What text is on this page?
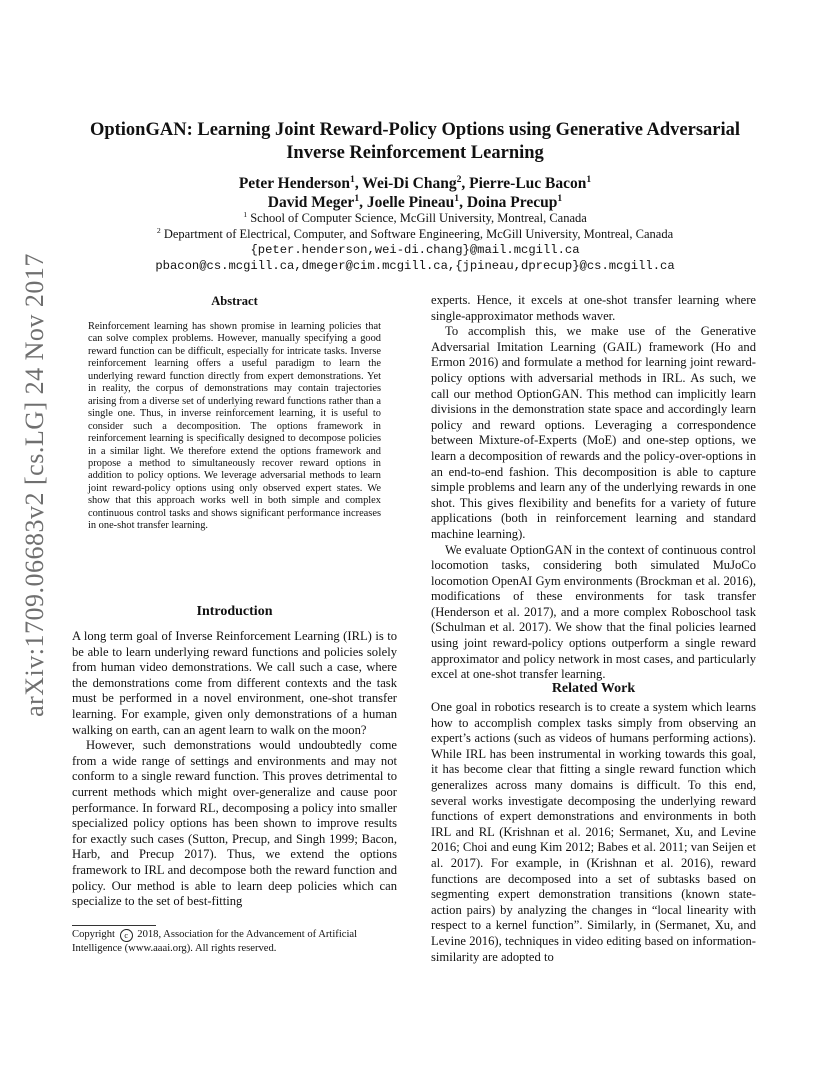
arXiv:1709.06683v2 [cs.LG] 24 Nov 2017
OptionGAN: Learning Joint Reward-Policy Options using Generative Adversarial
Inverse Reinforcement Learning
Peter Henderson$^1$, Wei-Di Chang$^2$, Pierre-Luc Bacon$^1$
David Meger$^1$, Joelle Pineau$^1$, Doina Precup$^1$
$^1$ School of Computer Science, McGill University, Montreal, Canada
$^2$ Department of Electrical, Computer, and Software Engineering, McGill University, Montreal, Canada
{peter.henderson,wei-di.chang}@mail.mcgill.ca
pbacon@cs.mcgill.ca,dmeger@cim.mcgill.ca,{jpineau,dprecup}@cs.mcgill.ca
Abstract
Reinforcement learning has shown promise in learning policies that can solve complex problems. However, manually specifying a good reward function can be difficult, especially for intricate tasks. Inverse reinforcement learning offers a useful paradigm to learn the underlying reward function directly from expert demonstrations. Yet in reality, the corpus of demonstrations may contain trajectories arising from a diverse set of underlying reward functions rather than a single one. Thus, in inverse reinforcement learning, it is useful to consider such a decomposition. The options framework in reinforcement learning is specifically designed to decompose policies in a similar light. We therefore extend the options framework and propose a method to simultaneously recover reward options in addition to policy options. We leverage adversarial methods to learn joint reward-policy options using only observed expert states. We show that this approach works well in both simple and complex continuous control tasks and shows significant performance increases in one-shot transfer learning.
Introduction

A long term goal of Inverse Reinforcement Learning (IRL) is to be able to learn underlying reward functions and policies solely from human video demonstrations. We call such a case, where the demonstrations come from different contexts and the task must be performed in a novel environment, one-shot transfer learning. For example, given only demonstrations of a human walking on earth, can an agent learn to walk on the moon?

However, such demonstrations would undoubtedly come from a wide range of settings and environments and may not conform to a single reward function. This proves detrimental to current methods which might over-generalize and cause poor performance. In forward RL, decomposing a policy into smaller specialized policy options has been shown to improve results for exactly such cases (Sutton, Precup, and Singh 1999; Bacon, Harb, and Precup 2017). Thus, we extend the options framework to IRL and decompose both the reward function and policy. Our method is able to learn deep policies which can specialize to the set of best-fitting

Copyright c 2018, Association for the Advancement of Artificial Intelligence (www.aaai.org). All rights reserved.

experts. Hence, it excels at one-shot transfer learning where single-approximator methods waver.

To accomplish this, we make use of the Generative Adversarial Imitation Learning (GAIL) framework (Ho and Ermon 2016) and formulate a method for learning joint reward-policy options with adversarial methods in IRL. As such, we call our method OptionGAN. This method can implicitly learn divisions in the demonstration state space and accordingly learn policy and reward options. Leveraging a correspondence between Mixture-of-Experts (MoE) and one-step options, we learn a decomposition of rewards and the policy-over-options in an end-to-end fashion. This decomposition is able to capture simple problems and learn any of the underlying rewards in one shot. This gives flexibility and benefits for a variety of future applications (both in reinforcement learning and standard machine learning).

We evaluate OptionGAN in the context of continuous control locomotion tasks, considering both simulated MuJoCo locomotion OpenAI Gym environments (Brockman et al. 2016), modifications of these environments for task transfer (Henderson et al. 2017), and a more complex Roboschool task (Schulman et al. 2017). We show that the final policies learned using joint reward-policy options outperform a single reward approximator and policy network in most cases, and particularly excel at one-shot transfer learning.

Related Work

One goal in robotics research is to create a system which learns how to accomplish complex tasks simply from observing an expert’s actions (such as videos of humans performing actions). While IRL has been instrumental in working towards this goal, it has become clear that fitting a single reward function which generalizes across many domains is difficult. To this end, several works investigate decomposing the underlying reward functions of expert demonstrations and environments in both IRL and RL (Krishnan et al. 2016; Sermanet, Xu, and Levine 2016; Choi and eung Kim 2012; Babes et al. 2011; van Seijen et al. 2017). For example, in (Krishnan et al. 2016), reward functions are decomposed into a set of subtasks based on segmenting expert demonstration transitions (known state-action pairs) by analyzing the changes in “local linearity with respect to a kernel function”. Similarly, in (Sermanet, Xu, and Levine 2016), techniques in video editing based on information-similarity are adopted to
